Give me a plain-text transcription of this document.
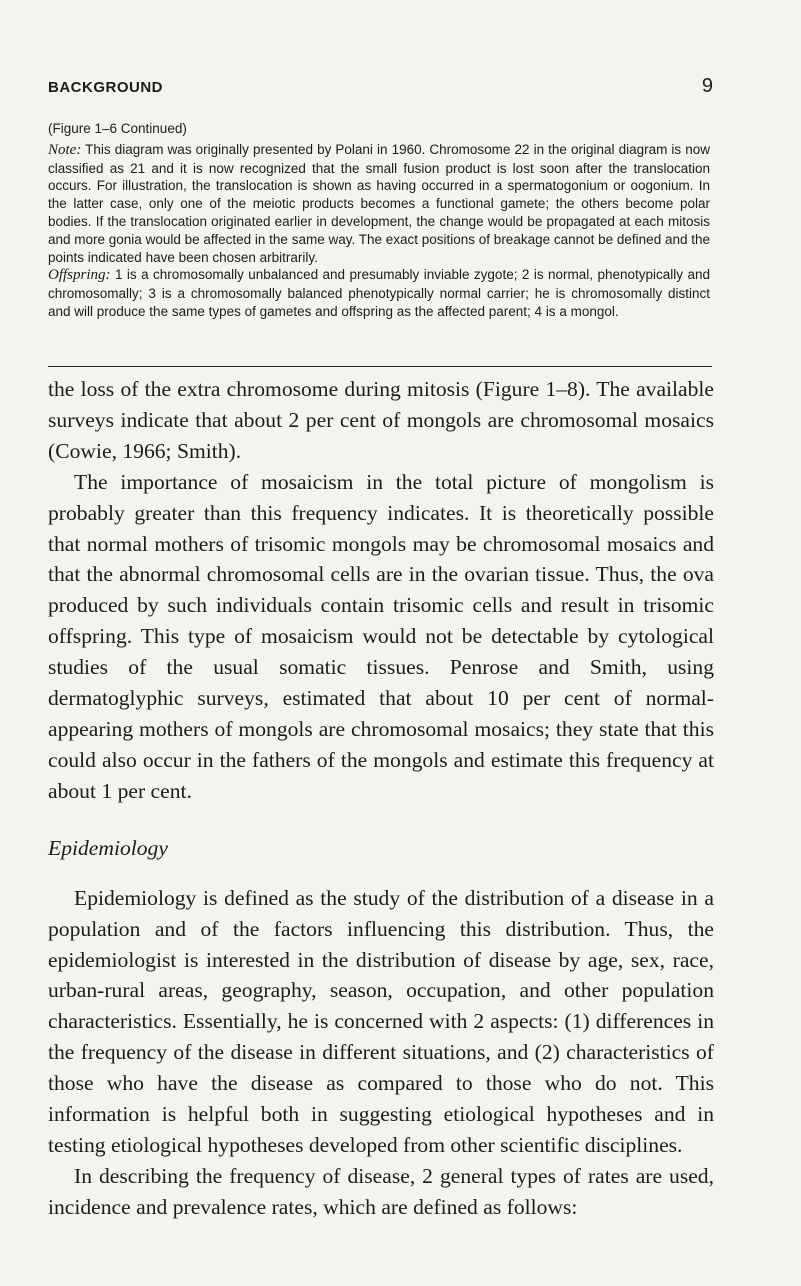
BACKGROUND	9

(Figure 1–6 Continued)

Note: This diagram was originally presented by Polani in 1960. Chromosome 22 in the original diagram is now classified as 21 and it is now recognized that the small fusion product is lost soon after the translocation occurs. For illustration, the translocation is shown as having occurred in a spermatogonium or oogonium. In the latter case, only one of the meiotic products becomes a functional gamete; the others become polar bodies. If the translocation originated earlier in development, the change would be propagated at each mitosis and more gonia would be affected in the same way. The exact positions of breakage cannot be defined and the points indicated have been chosen arbitrarily.

Offspring: 1 is a chromosomally unbalanced and presumably inviable zygote; 2 is normal, phenotypically and chromosomally; 3 is a chromosomally balanced phenotypically normal carrier; he is chromosomally distinct and will produce the same types of gametes and offspring as the affected parent; 4 is a mongol.

the loss of the extra chromosome during mitosis (Figure 1–8). The available surveys indicate that about 2 per cent of mongols are chromosomal mosaics (Cowie, 1966; Smith).

The importance of mosaicism in the total picture of mongolism is probably greater than this frequency indicates. It is theoretically possible that normal mothers of trisomic mongols may be chromosomal mosaics and that the abnormal chromosomal cells are in the ovarian tissue. Thus, the ova produced by such individuals contain trisomic cells and result in trisomic offspring. This type of mosaicism would not be detectable by cytological studies of the usual somatic tissues. Penrose and Smith, using dermatoglyphic surveys, estimated that about 10 per cent of normal-appearing mothers of mongols are chromosomal mosaics; they state that this could also occur in the fathers of the mongols and estimate this frequency at about 1 per cent.

Epidemiology

Epidemiology is defined as the study of the distribution of a disease in a population and of the factors influencing this distribution. Thus, the epidemiologist is interested in the distribution of disease by age, sex, race, urban-rural areas, geography, season, occupation, and other population characteristics. Essentially, he is concerned with 2 aspects: (1) differences in the frequency of the disease in different situations, and (2) characteristics of those who have the disease as compared to those who do not. This information is helpful both in suggesting etiological hypotheses and in testing etiological hypotheses developed from other scientific disciplines.

In describing the frequency of disease, 2 general types of rates are used, incidence and prevalence rates, which are defined as follows:
